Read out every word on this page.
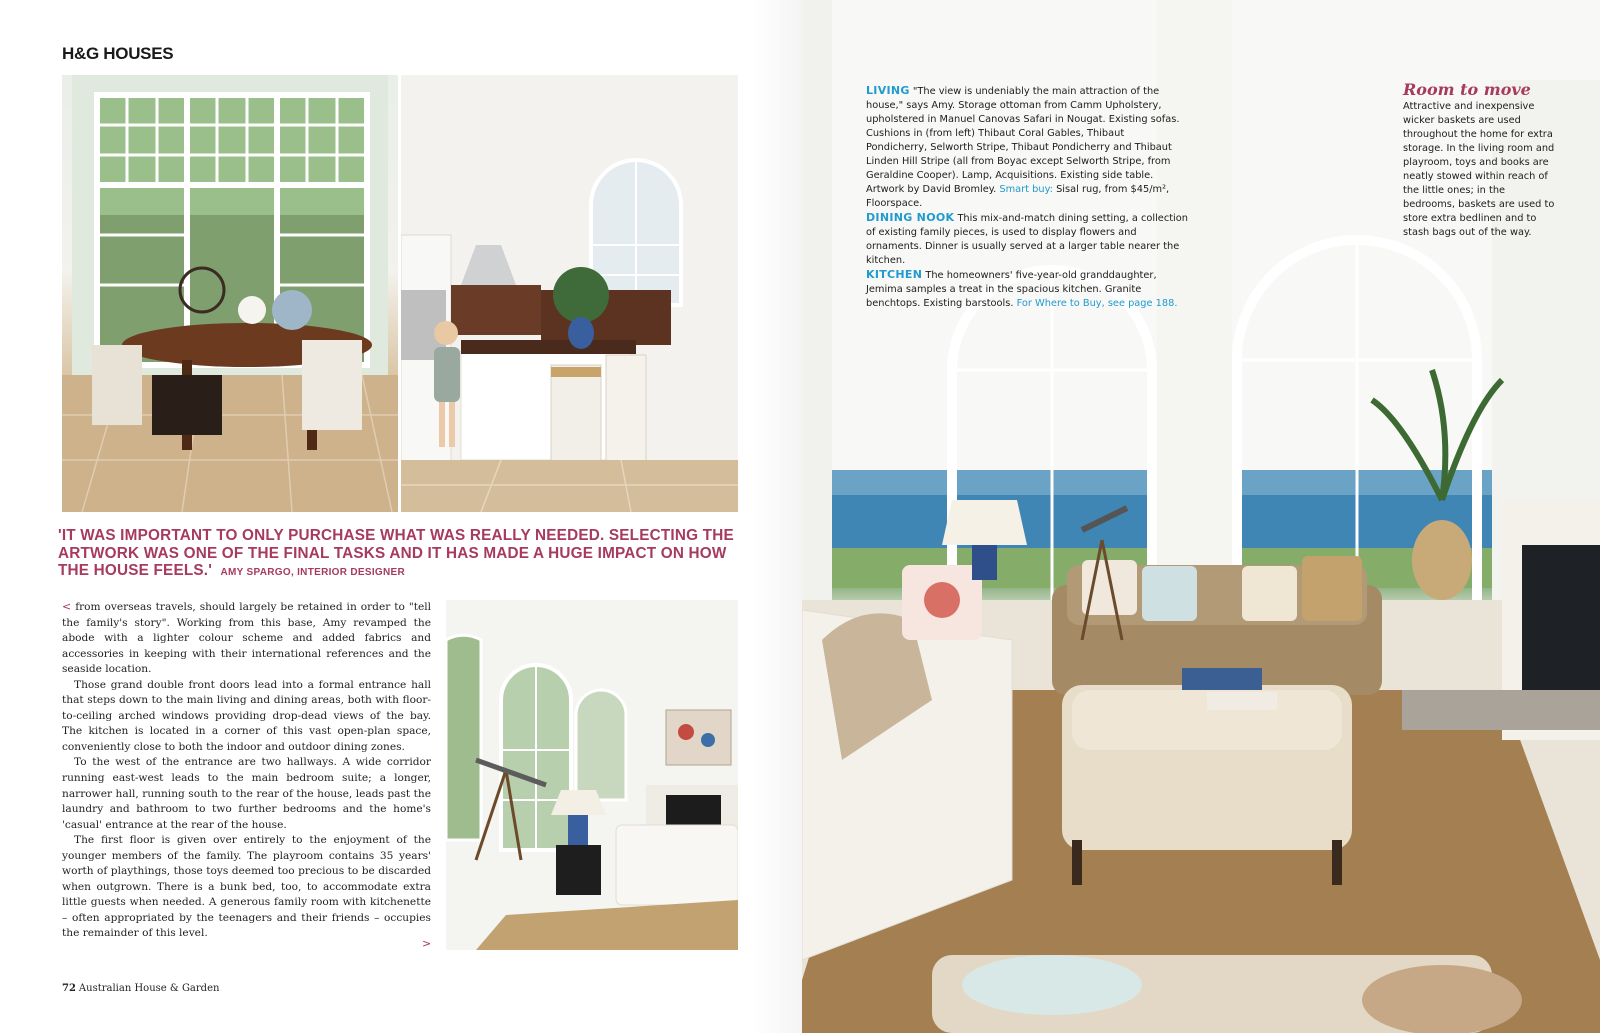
H&G HOUSES
'IT WAS IMPORTANT TO ONLY PURCHASE WHAT WAS REALLY NEEDED. SELECTING THE ARTWORK WAS ONE OF THE FINAL TASKS AND IT HAS MADE A HUGE IMPACT ON HOW THE HOUSE FEELS.' AMY SPARGO, INTERIOR DESIGNER

< from overseas travels, should largely be retained in order to "tell the family's story". Working from this base, Amy revamped the abode with a lighter colour scheme and added fabrics and accessories in keeping with their international references and the seaside location.

Those grand double front doors lead into a formal entrance hall that steps down to the main living and dining areas, both with floor-to-ceiling arched windows providing drop-dead views of the bay. The kitchen is located in a corner of this vast open-plan space, conveniently close to both the indoor and outdoor dining zones.

To the west of the entrance are two hallways. A wide corridor running east-west leads to the main bedroom suite; a longer, narrower hall, running south to the rear of the house, leads past the laundry and bathroom to two further bedrooms and the home's 'casual' entrance at the rear of the house.

The first floor is given over entirely to the enjoyment of the younger members of the family. The playroom contains 35 years' worth of playthings, those toys deemed too precious to be discarded when outgrown. There is a bunk bed, too, to accommodate extra little guests when needed. A generous family room with kitchenette – often appropriated by the teenagers and their friends – occupies the remainder of this level.

>
72 Australian House & Garden

LIVING "The view is undeniably the main attraction of the house," says Amy. Storage ottoman from Camm Upholstery, upholstered in Manuel Canovas Safari in Nougat. Existing sofas. Cushions in (from left) Thibaut Coral Gables, Thibaut Pondicherry, Selworth Stripe, Thibaut Pondicherry and Thibaut Linden Hill Stripe (all from Boyac except Selworth Stripe, from Geraldine Cooper). Lamp, Acquisitions. Existing side table. Artwork by David Bromley. Smart buy: Sisal rug, from $45/m², Floorspace.

DINING NOOK This mix-and-match dining setting, a collection of existing family pieces, is used to display flowers and ornaments. Dinner is usually served at a larger table nearer the kitchen.

KITCHEN The homeowners' five-year-old granddaughter, Jemima samples a treat in the spacious kitchen. Granite benchtops. Existing barstools. For Where to Buy, see page 188.

Room to move
Attractive and inexpensive wicker baskets are used throughout the home for extra storage. In the living room and playroom, toys and books are neatly stowed within reach of the little ones; in the bedrooms, baskets are used to store extra bedlinen and to stash bags out of the way.
